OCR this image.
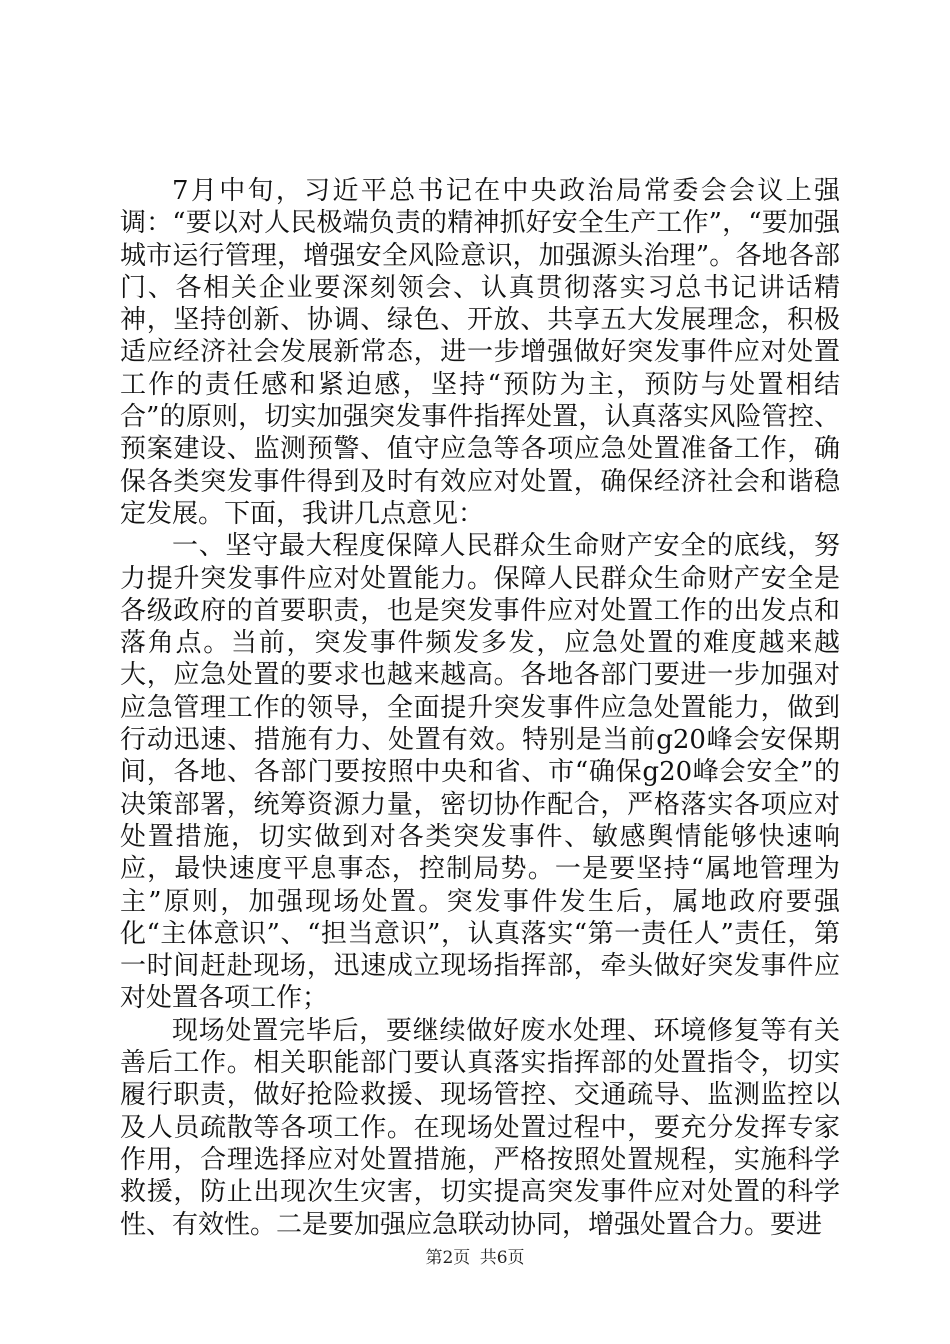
7月中旬，习近平总书记在中央政治局常委会会议上强调：“要以对人民极端负责的精神抓好安全生产工作”，“要加强城市运行管理，增强安全风险意识，加强源头治理”。各地各部门、各相关企业要深刻领会、认真贯彻落实习总书记讲话精神，坚持创新、协调、绿色、开放、共享五大发展理念，积极适应经济社会发展新常态，进一步增强做好突发事件应对处置工作的责任感和紧迫感，坚持“预防为主，预防与处置相结合”的原则，切实加强突发事件指挥处置，认真落实风险管控、预案建设、监测预警、值守应急等各项应急处置准备工作，确保各类突发事件得到及时有效应对处置，确保经济社会和谐稳定发展。下面，我讲几点意见：

一、坚守最大程度保障人民群众生命财产安全的底线，努力提升突发事件应对处置能力。保障人民群众生命财产安全是各级政府的首要职责，也是突发事件应对处置工作的出发点和落角点。当前，突发事件频发多发，应急处置的难度越来越大，应急处置的要求也越来越高。各地各部门要进一步加强对应急管理工作的领导，全面提升突发事件应急处置能力，做到行动迅速、措施有力、处置有效。特别是当前g20峰会安保期间，各地、各部门要按照中央和省、市“确保g20峰会安全”的决策部署，统筹资源力量，密切协作配合，严格落实各项应对处置措施，切实做到对各类突发事件、敏感舆情能够快速响应，最快速度平息事态，控制局势。一是要坚持“属地管理为主”原则，加强现场处置。突发事件发生后，属地政府要强化“主体意识”、“担当意识”，认真落实“第一责任人”责任，第一时间赶赴现场，迅速成立现场指挥部，牵头做好突发事件应对处置各项工作；

现场处置完毕后，要继续做好废水处理、环境修复等有关善后工作。相关职能部门要认真落实指挥部的处置指令，切实履行职责，做好抢险救援、现场管控、交通疏导、监测监控以及人员疏散等各项工作。在现场处置过程中，要充分发挥专家作用，合理选择应对处置措施，严格按照处置规程，实施科学救援，防止出现次生灾害，切实提高突发事件应对处置的科学性、有效性。二是要加强应急联动协同，增强处置合力。要进

第2页 共6页
